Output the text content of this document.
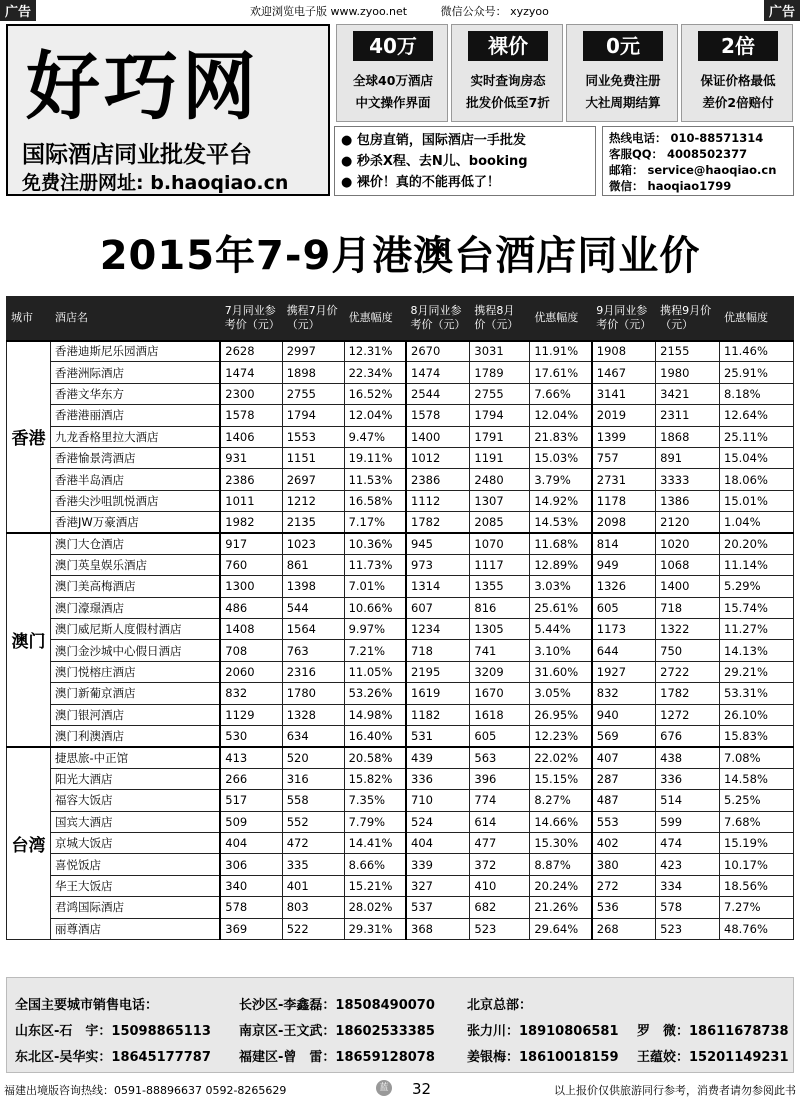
广告	欢迎浏览电子版 www.zyoo.net	微信公众号： xyzyoo	广告
好巧网
国际酒店同业批发平台
免费注册网址: b.haoqiao.cn
40万
全球40万酒店
中文操作界面
裸价
实时查询房态
批发价低至7折
0元
同业免费注册
大社周期结算
2倍
保证价格最低
差价2倍赔付
● 包房直销，国际酒店一手批发
● 秒杀X程、去N儿、booking
● 裸价！真的不能再低了！
热线电话： 010-88571314
客服QQ： 4008502377
邮箱： service@haoqiao.cn
微信： haoqiao1799
2015年7-9月港澳台酒店同业价
城市	酒店名	7月同业参考价（元）	携程7月价（元）	优惠幅度	8月同业参考价（元）	携程8月价（元）	优惠幅度	9月同业参考价（元）	携程9月价（元）	优惠幅度
香港	香港迪斯尼乐园酒店	2628	2997	12.31%	2670	3031	11.91%	1908	2155	11.46%
	香港洲际酒店	1474	1898	22.34%	1474	1789	17.61%	1467	1980	25.91%
	香港文华东方	2300	2755	16.52%	2544	2755	7.66%	3141	3421	8.18%
	香港港丽酒店	1578	1794	12.04%	1578	1794	12.04%	2019	2311	12.64%
	九龙香格里拉大酒店	1406	1553	9.47%	1400	1791	21.83%	1399	1868	25.11%
	香港愉景湾酒店	931	1151	19.11%	1012	1191	15.03%	757	891	15.04%
	香港半岛酒店	2386	2697	11.53%	2386	2480	3.79%	2731	3333	18.06%
	香港尖沙咀凯悦酒店	1011	1212	16.58%	1112	1307	14.92%	1178	1386	15.01%
	香港JW万豪酒店	1982	2135	7.17%	1782	2085	14.53%	2098	2120	1.04%
澳门	澳门大仓酒店	917	1023	10.36%	945	1070	11.68%	814	1020	20.20%
	澳门英皇娱乐酒店	760	861	11.73%	973	1117	12.89%	949	1068	11.14%
	澳门美高梅酒店	1300	1398	7.01%	1314	1355	3.03%	1326	1400	5.29%
	澳门濠璟酒店	486	544	10.66%	607	816	25.61%	605	718	15.74%
	澳门威尼斯人度假村酒店	1408	1564	9.97%	1234	1305	5.44%	1173	1322	11.27%
	澳门金沙城中心假日酒店	708	763	7.21%	718	741	3.10%	644	750	14.13%
	澳门悦榕庄酒店	2060	2316	11.05%	2195	3209	31.60%	1927	2722	29.21%
	澳门新葡京酒店	832	1780	53.26%	1619	1670	3.05%	832	1782	53.31%
	澳门银河酒店	1129	1328	14.98%	1182	1618	26.95%	940	1272	26.10%
	澳门利澳酒店	530	634	16.40%	531	605	12.23%	569	676	15.83%
台湾	捷思旅-中正馆	413	520	20.58%	439	563	22.02%	407	438	7.08%
	阳光大酒店	266	316	15.82%	336	396	15.15%	287	336	14.58%
	福容大饭店	517	558	7.35%	710	774	8.27%	487	514	5.25%
	国宾大酒店	509	552	7.79%	524	614	14.66%	553	599	7.68%
	京城大饭店	404	472	14.41%	404	477	15.30%	402	474	15.19%
	喜悦饭店	306	335	8.66%	339	372	8.87%	380	423	10.17%
	华王大饭店	340	401	15.21%	327	410	20.24%	272	334	18.56%
	君鸿国际酒店	578	803	28.02%	537	682	21.26%	536	578	7.27%
	丽尊酒店	369	522	29.31%	368	523	29.64%	268	523	48.76%
全国主要城市销售电话：	长沙区-李鑫磊：18508490070 北京总部：
山东区-石　宇：15098865113 南京区-王文武：18602533385 张力川：18910806581 罗　微：18611678738
东北区-吴华实：18645177787 福建区-曾　雷：18659128078 姜银梅：18610018159 王蕴姣：15201149231
福建出境版咨询热线：0591-88896637 0592-8265629	以上报价仅供旅游同行参考，消费者请勿参阅此书
蓝 32
